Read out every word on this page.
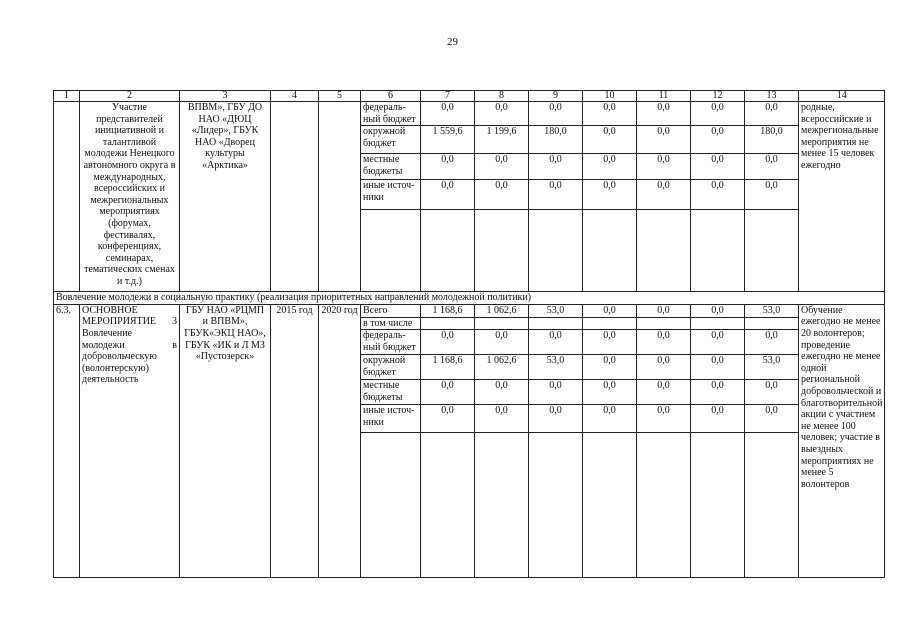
29
1	2	3	4	5	6	7	8	9	10	11	12	13	14
	Участие представителей инициативной и талантливой молодежи Ненецкого автономного округа в международных, всероссийских и межрегиональных мероприятиях (форумах, фестивалях, конференциях, семинарах, тематических сменах и т.д.)	ВПВМ», ГБУ ДО НАО «ДЮЦ «Лидер», ГБУК НАО «Дворец культуры «Арктика»			федераль-ный бюджет	0,0	0,0	0,0	0,0	0,0	0,0	0,0	родные, всероссийские и межрегиональные мероприятия не менее 15 человек ежегодно
					окружной бюджет	1 559,6	1 199,6	180,0	0,0	0,0	0,0	180,0	
					местные бюджеты	0,0	0,0	0,0	0,0	0,0	0,0	0,0	
					иные источ-ники	0,0	0,0	0,0	0,0	0,0	0,0	0,0	

Вовлечение молодежи в социальную практику (реализация приоритетных направлений молодежной политики)													
6.3.	ОСНОВНОЕ МЕРОПРИЯТИЕ 3 Вовлечение молодежи в добровольческую (волонтерскую) деятельность	ГБУ НАО «РЦМП и ВПВМ», ГБУК«ЭКЦ НАО», ГБУК «ИК и Л МЗ «Пустозерск»	2015 год	2020 год	Всего	1 168,6	1 062,6	53,0	0,0	0,0	0,0	53,0	Обучение ежегодно не менее 20 волонтеров; проведение ежегодно не менее одной региональной добровольческой и благотворительной акции с участием не менее 100 человек; участие в выездных мероприятиях не менее 5 волонтеров
					в том числе								
					федераль-ный бюджет	0,0	0,0	0,0	0,0	0,0	0,0	0,0	
					окружной бюджет	1 168,6	1 062,6	53,0	0,0	0,0	0,0	53,0	
					местные бюджеты	0,0	0,0	0,0	0,0	0,0	0,0	0,0	
					иные источ-ники	0,0	0,0	0,0	0,0	0,0	0,0	0,0	
